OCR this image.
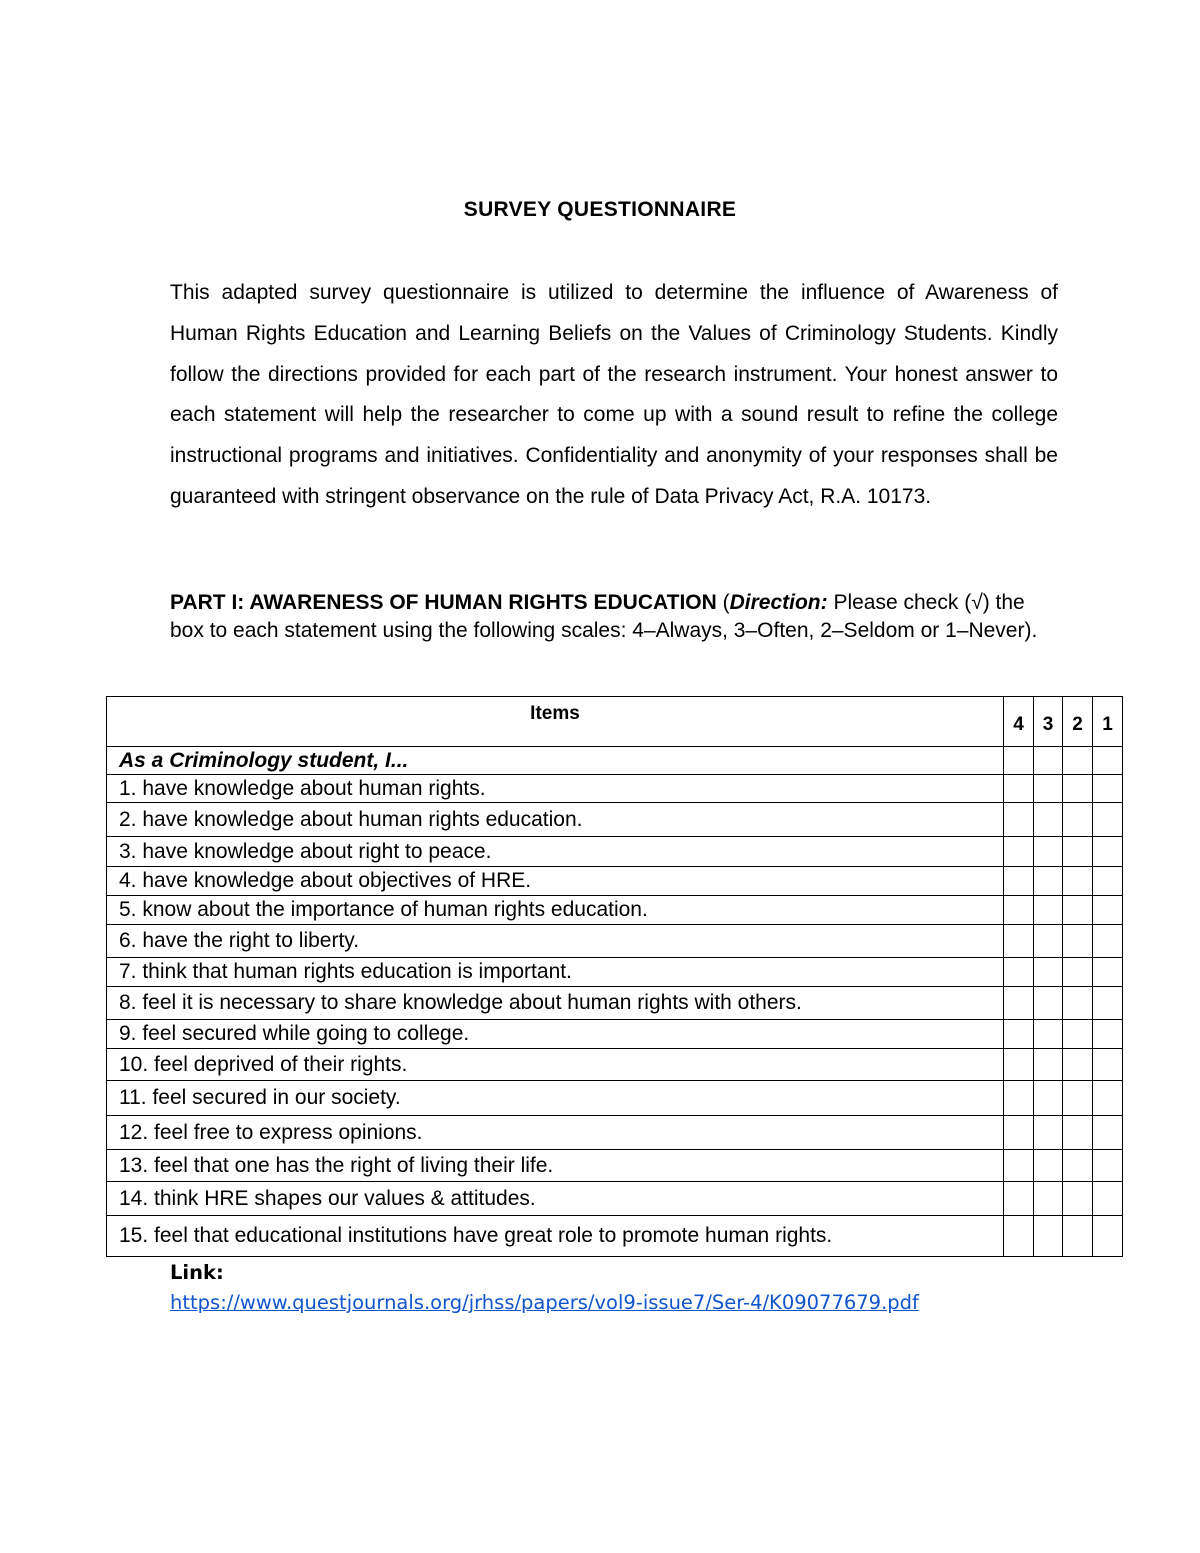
SURVEY QUESTIONNAIRE
This adapted survey questionnaire is utilized to determine the influence of Awareness of Human Rights Education and Learning Beliefs on the Values of Criminology Students. Kindly follow the directions provided for each part of the research instrument. Your honest answer to each statement will help the researcher to come up with a sound result to refine the college instructional programs and initiatives. Confidentiality and anonymity of your responses shall be guaranteed with stringent observance on the rule of Data Privacy Act, R.A. 10173.
PART I: AWARENESS OF HUMAN RIGHTS EDUCATION (Direction: Please check (√) the box to each statement using the following scales: 4–Always, 3–Often, 2–Seldom or 1–Never).
Items	4	3	2	1
As a Criminology student, I...				
1. have knowledge about human rights.				
2. have knowledge about human rights education.				
3. have knowledge about right to peace.				
4. have knowledge about objectives of HRE.				
5. know about the importance of human rights education.				
6. have the right to liberty.				
7. think that human rights education is important.				
8. feel it is necessary to share knowledge about human rights with others.				
9. feel secured while going to college.				
10. feel deprived of their rights.				
11. feel secured in our society.				
12. feel free to express opinions.				
13. feel that one has the right of living their life.				
14. think HRE shapes our values & attitudes.				
15. feel that educational institutions have great role to promote human rights.				
Link:
https://www.questjournals.org/jrhss/papers/vol9-issue7/Ser-4/K09077679.pdf
